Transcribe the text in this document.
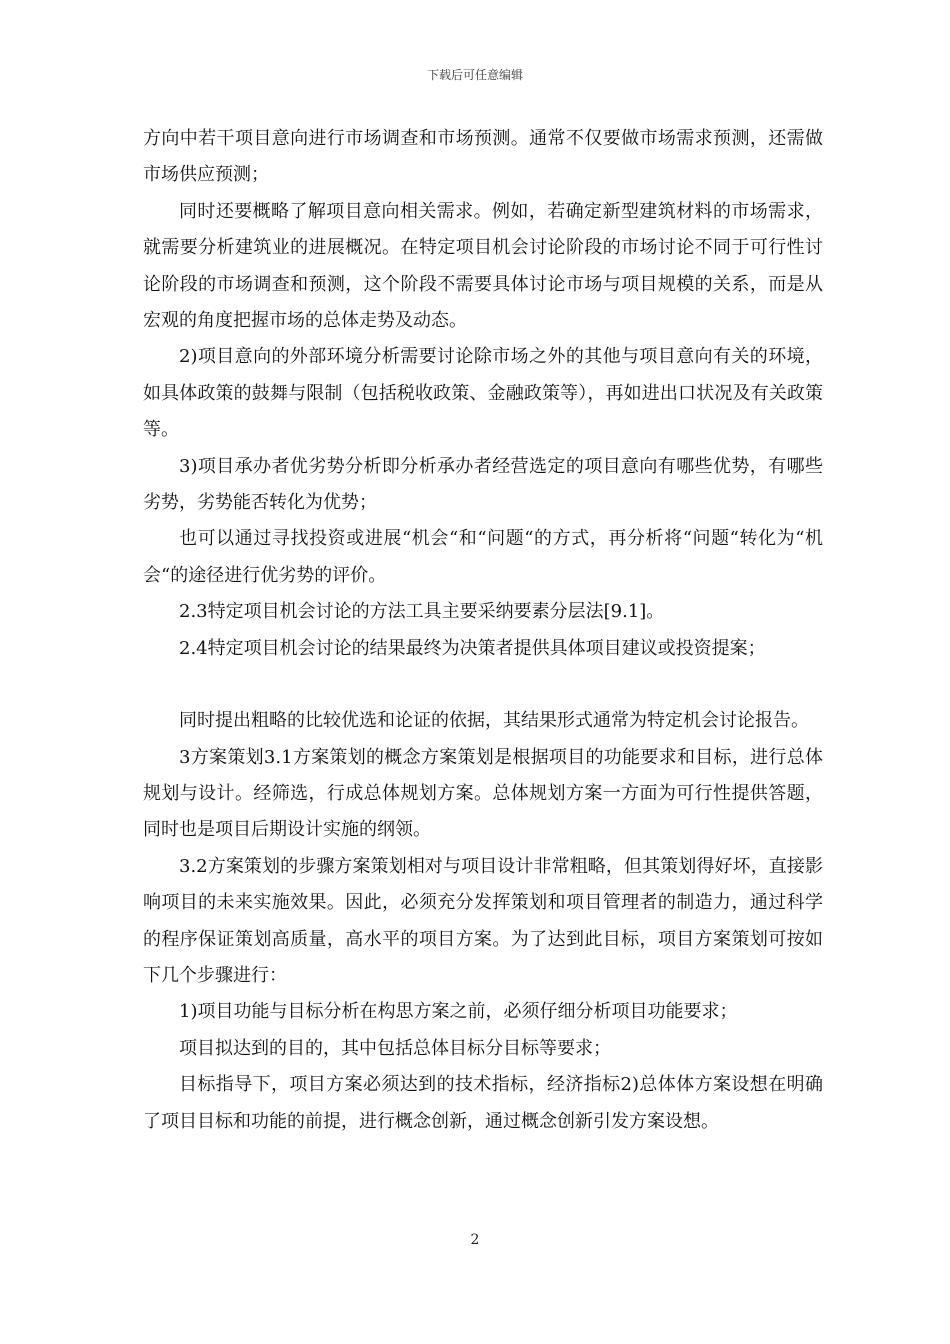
下载后可任意编辑

方向中若干项目意向进行市场调查和市场预测。通常不仅要做市场需求预测，还需做市场供应预测；

同时还要概略了解项目意向相关需求。例如，若确定新型建筑材料的市场需求，就需要分析建筑业的进展概况。在特定项目机会讨论阶段的市场讨论不同于可行性讨论阶段的市场调查和预测，这个阶段不需要具体讨论市场与项目规模的关系，而是从宏观的角度把握市场的总体走势及动态。

2)项目意向的外部环境分析需要讨论除市场之外的其他与项目意向有关的环境，如具体政策的鼓舞与限制（包括税收政策、金融政策等），再如进出口状况及有关政策等。

3)项目承办者优劣势分析即分析承办者经营选定的项目意向有哪些优势，有哪些劣势，劣势能否转化为优势；

也可以通过寻找投资或进展“机会“和“问题“的方式，再分析将“问题“转化为“机会“的途径进行优劣势的评价。

2.3特定项目机会讨论的方法工具主要采纳要素分层法[9.1]。

2.4特定项目机会讨论的结果最终为决策者提供具体项目建议或投资提案；

同时提出粗略的比较优选和论证的依据，其结果形式通常为特定机会讨论报告。

3方案策划3.1方案策划的概念方案策划是根据项目的功能要求和目标，进行总体规划与设计。经筛选，行成总体规划方案。总体规划方案一方面为可行性提供答题，同时也是项目后期设计实施的纲领。

3.2方案策划的步骤方案策划相对与项目设计非常粗略，但其策划得好坏，直接影响项目的未来实施效果。因此，必须充分发挥策划和项目管理者的制造力，通过科学的程序保证策划高质量，高水平的项目方案。为了达到此目标，项目方案策划可按如下几个步骤进行：

1)项目功能与目标分析在构思方案之前，必须仔细分析项目功能要求；

项目拟达到的目的，其中包括总体目标分目标等要求；

目标指导下，项目方案必须达到的技术指标，经济指标2)总体体方案设想在明确了项目目标和功能的前提，进行概念创新，通过概念创新引发方案设想。

2
